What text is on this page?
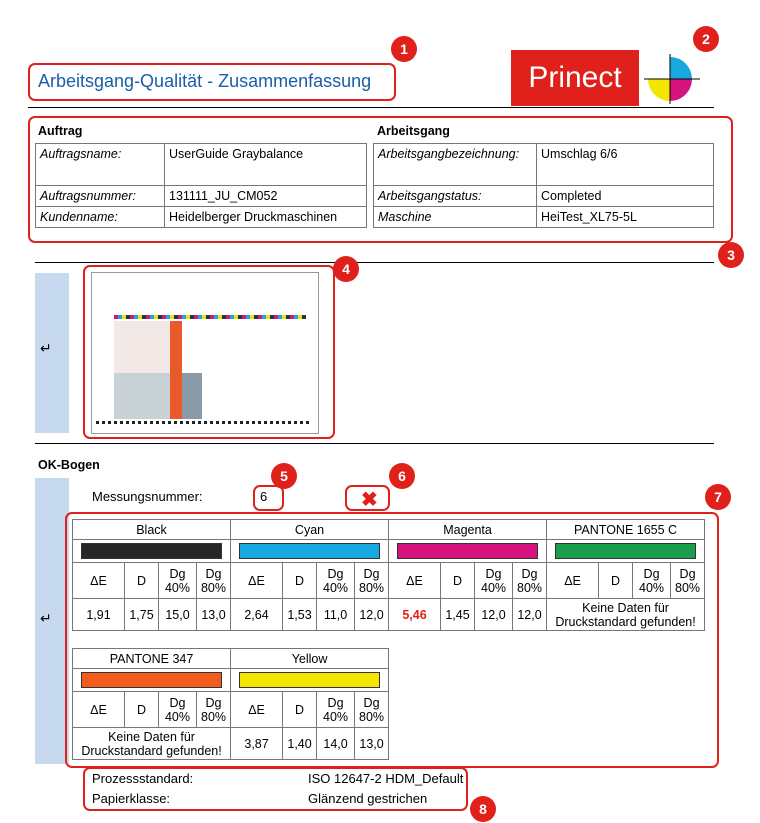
Arbeitsgang-Qualität - Zusammenfassung
1
Prinect
2
Auftrag	Arbeitsgang
Auftragsname:	UserGuide Graybalance
Auftragsnummer:	131111_JU_CM052
Kundenname:	Heidelberger Druckmaschinen
Arbeitsgangbezeichnung:	Umschlag 6/6
Arbeitsgangstatus:	Completed
Maschine	HeiTest_XL75-5L
3
↵
4
OK-Bogen
↵
Messungsnummer:	6
5
✖
6
Black				Cyan				Magenta				PANTONE 1655 C			

ΔE	D	Dg 40%	Dg 80%	ΔE	D	Dg 40%	Dg 80%	ΔE	D	Dg 40%	Dg 80%	ΔE	D	Dg 40%	Dg 80%
1,91	1,75	15,0	13,0	2,64	1,53	11,0	12,0	5,46	1,45	12,0	12,0	Keine Daten für Druckstandard gefunden!			
PANTONE 347				Yellow			

ΔE	D	Dg 40%	Dg 80%	ΔE	D	Dg 40%	Dg 80%
Keine Daten für Druckstandard gefunden!				3,87	1,40	14,0	13,0
7
Prozessstandard:	ISO 12647-2 HDM_Default
Papierklasse:	Glänzend gestrichen
8
